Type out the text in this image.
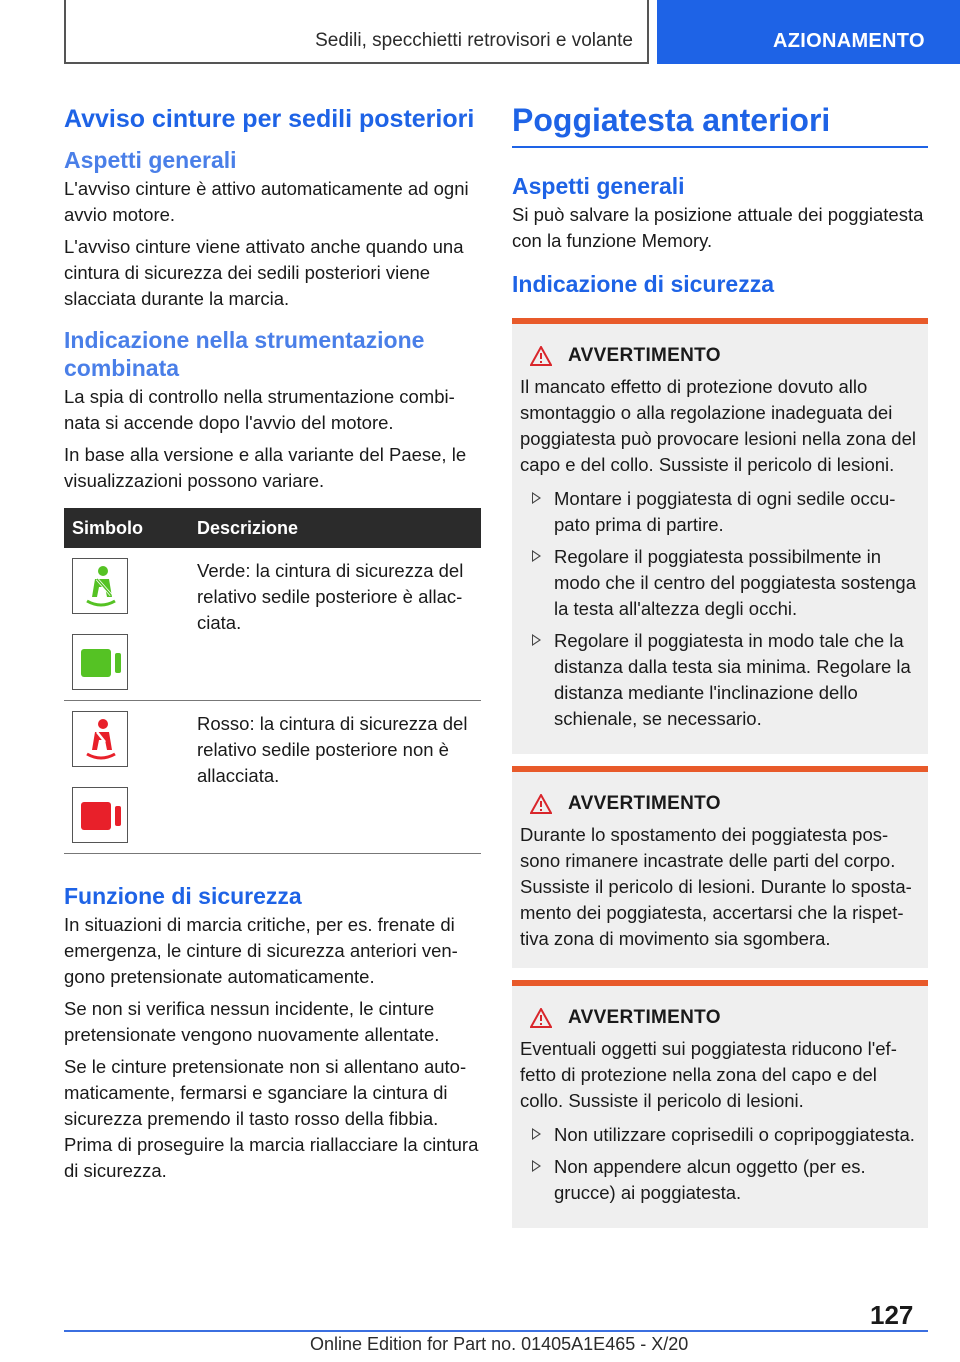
Sedili, specchietti retrovisori e volante	AZIONAMENTO
Avviso cinture per sedili posteriori
Aspetti generali

L'avviso cinture è attivo automaticamente ad ogni avvio motore.

L'avviso cinture viene attivato anche quando una cintura di sicurezza dei sedili posteriori viene slacciata durante la marcia.

Indicazione nella strumentazione combinata

La spia di controllo nella strumentazione combinata si accende dopo l'avvio del motore.

In base alla versione e alla variante del Paese, le visualizzazioni possono variare.

Simbolo	Descrizione

	Verde: la cintura di sicurezza del relativo sedile posteriore è allacciata.

	Rosso: la cintura di sicurezza del relativo sedile posteriore non è allacciata.
Funzione di sicurezza

In situazioni di marcia critiche, per es. frenate di emergenza, le cinture di sicurezza anteriori vengono pretensionate automaticamente.

Se non si verifica nessun incidente, le cinture pretensionate vengono nuovamente allentate.

Se le cinture pretensionate non si allentano automaticamente, fermarsi e sganciare la cintura di sicurezza premendo il tasto rosso della fibbia. Prima di proseguire la marcia riallacciare la cintura di sicurezza.

Poggiatesta anteriori
Aspetti generali

Si può salvare la posizione attuale dei poggiatesta con la funzione Memory.

Indicazione di sicurezza
AVVERTIMENTO

Il mancato effetto di protezione dovuto allo smontaggio o alla regolazione inadeguata dei poggiatesta può provocare lesioni nella zona del capo e del collo. Sussiste il pericolo di lesioni.

Montare i poggiatesta di ogni sedile occupato prima di partire.
Regolare il poggiatesta possibilmente in modo che il centro del poggiatesta sostenga la testa all'altezza degli occhi.
Regolare il poggiatesta in modo tale che la distanza dalla testa sia minima. Regolare la distanza mediante l'inclinazione dello schienale, se necessario.
AVVERTIMENTO

Durante lo spostamento dei poggiatesta possono rimanere incastrate delle parti del corpo. Sussiste il pericolo di lesioni. Durante lo spostamento dei poggiatesta, accertarsi che la rispettiva zona di movimento sia sgombera.

AVVERTIMENTO

Eventuali oggetti sui poggiatesta riducono l'effetto di protezione nella zona del capo e del collo. Sussiste il pericolo di lesioni.

Non utilizzare coprisedili o copripoggiatesta.
Non appendere alcun oggetto (per es. grucce) ai poggiatesta.
127
Online Edition for Part no. 01405A1E465 - X/20
